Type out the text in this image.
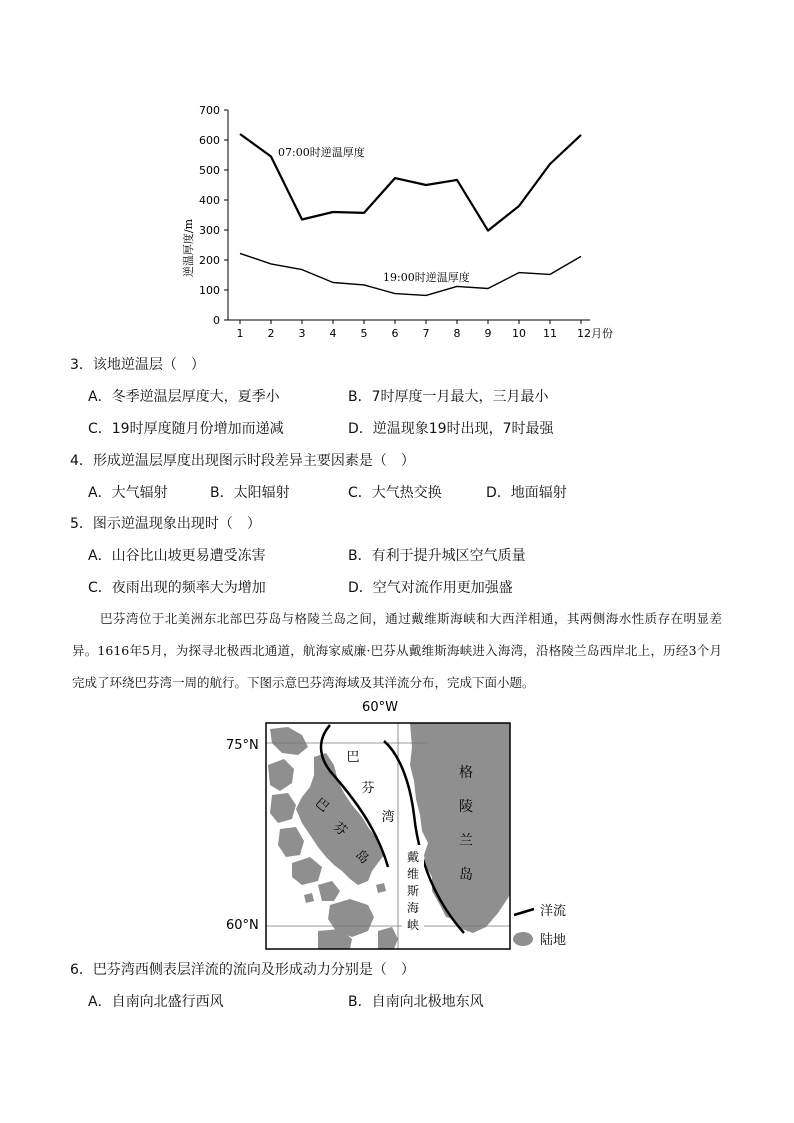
0
100
200
300
400
500
600
700
1 2 3 4 5 6 7 8 9 10 11 12月份
逆温厚度/m
07:00时逆温厚度
19:00时逆温厚度
3．该地逆温层（　）
A．冬季逆温层厚度大，夏季小	B．7时厚度一月最大，三月最小
C．19时厚度随月份增加而递减	D．逆温现象19时出现，7时最强
4．形成逆温层厚度出现图示时段差异主要因素是（　）
A．大气辐射	B．太阳辐射	C．大气热交换	D．地面辐射
5．图示逆温现象出现时（　）
A．山谷比山坡更易遭受冻害	B．有利于提升城区空气质量
C．夜雨出现的频率大为增加	D．空气对流作用更加强盛
巴芬湾位于北美洲东北部巴芬岛与格陵兰岛之间，通过戴维斯海峡和大西洋相通，其两侧海水性质存在明显差异。1616年5月，为探寻北极西北通道，航海家威廉·巴芬从戴维斯海峡进入海湾，沿格陵兰岛西岸北上，历经3个月完成了环绕巴芬湾一周的航行。下图示意巴芬湾海域及其洋流分布，完成下面小题。
60°W
75°N
60°N
巴
芬
湾
巴
芬
岛
格
陵
兰
岛
戴
维
斯
海
峡
洋流
陆地
6．巴芬湾西侧表层洋流的流向及形成动力分别是（　）
A．自南向北盛行西风	B．自南向北极地东风
